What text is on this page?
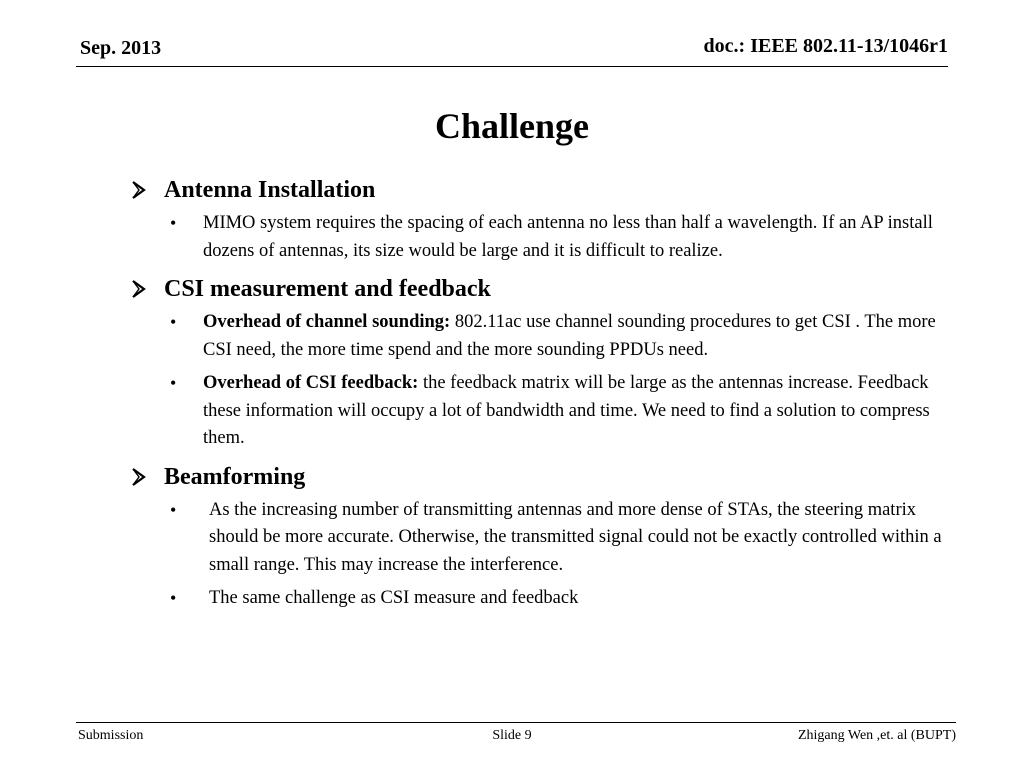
Sep. 2013	doc.: IEEE 802.11-13/1046r1
Challenge
Antenna Installation
• MIMO system requires the spacing of each antenna no less than half a wavelength. If an AP install dozens of antennas, its size would be large and it is difficult to realize.
CSI measurement and feedback
• Overhead of channel sounding: 802.11ac use channel sounding procedures to get CSI . The more CSI need, the more time spend and the more sounding PPDUs need.
• Overhead of CSI feedback: the feedback matrix will be large as the antennas increase. Feedback these information will occupy a lot of bandwidth and time. We need to find a solution to compress them.
Beamforming
• As the increasing number of transmitting antennas and more dense of STAs, the steering matrix should be more accurate. Otherwise, the transmitted signal could not be exactly controlled within a small range. This may increase the interference.
• The same challenge as CSI measure and feedback
Submission	Slide 9	Zhigang Wen ,et. al (BUPT)
